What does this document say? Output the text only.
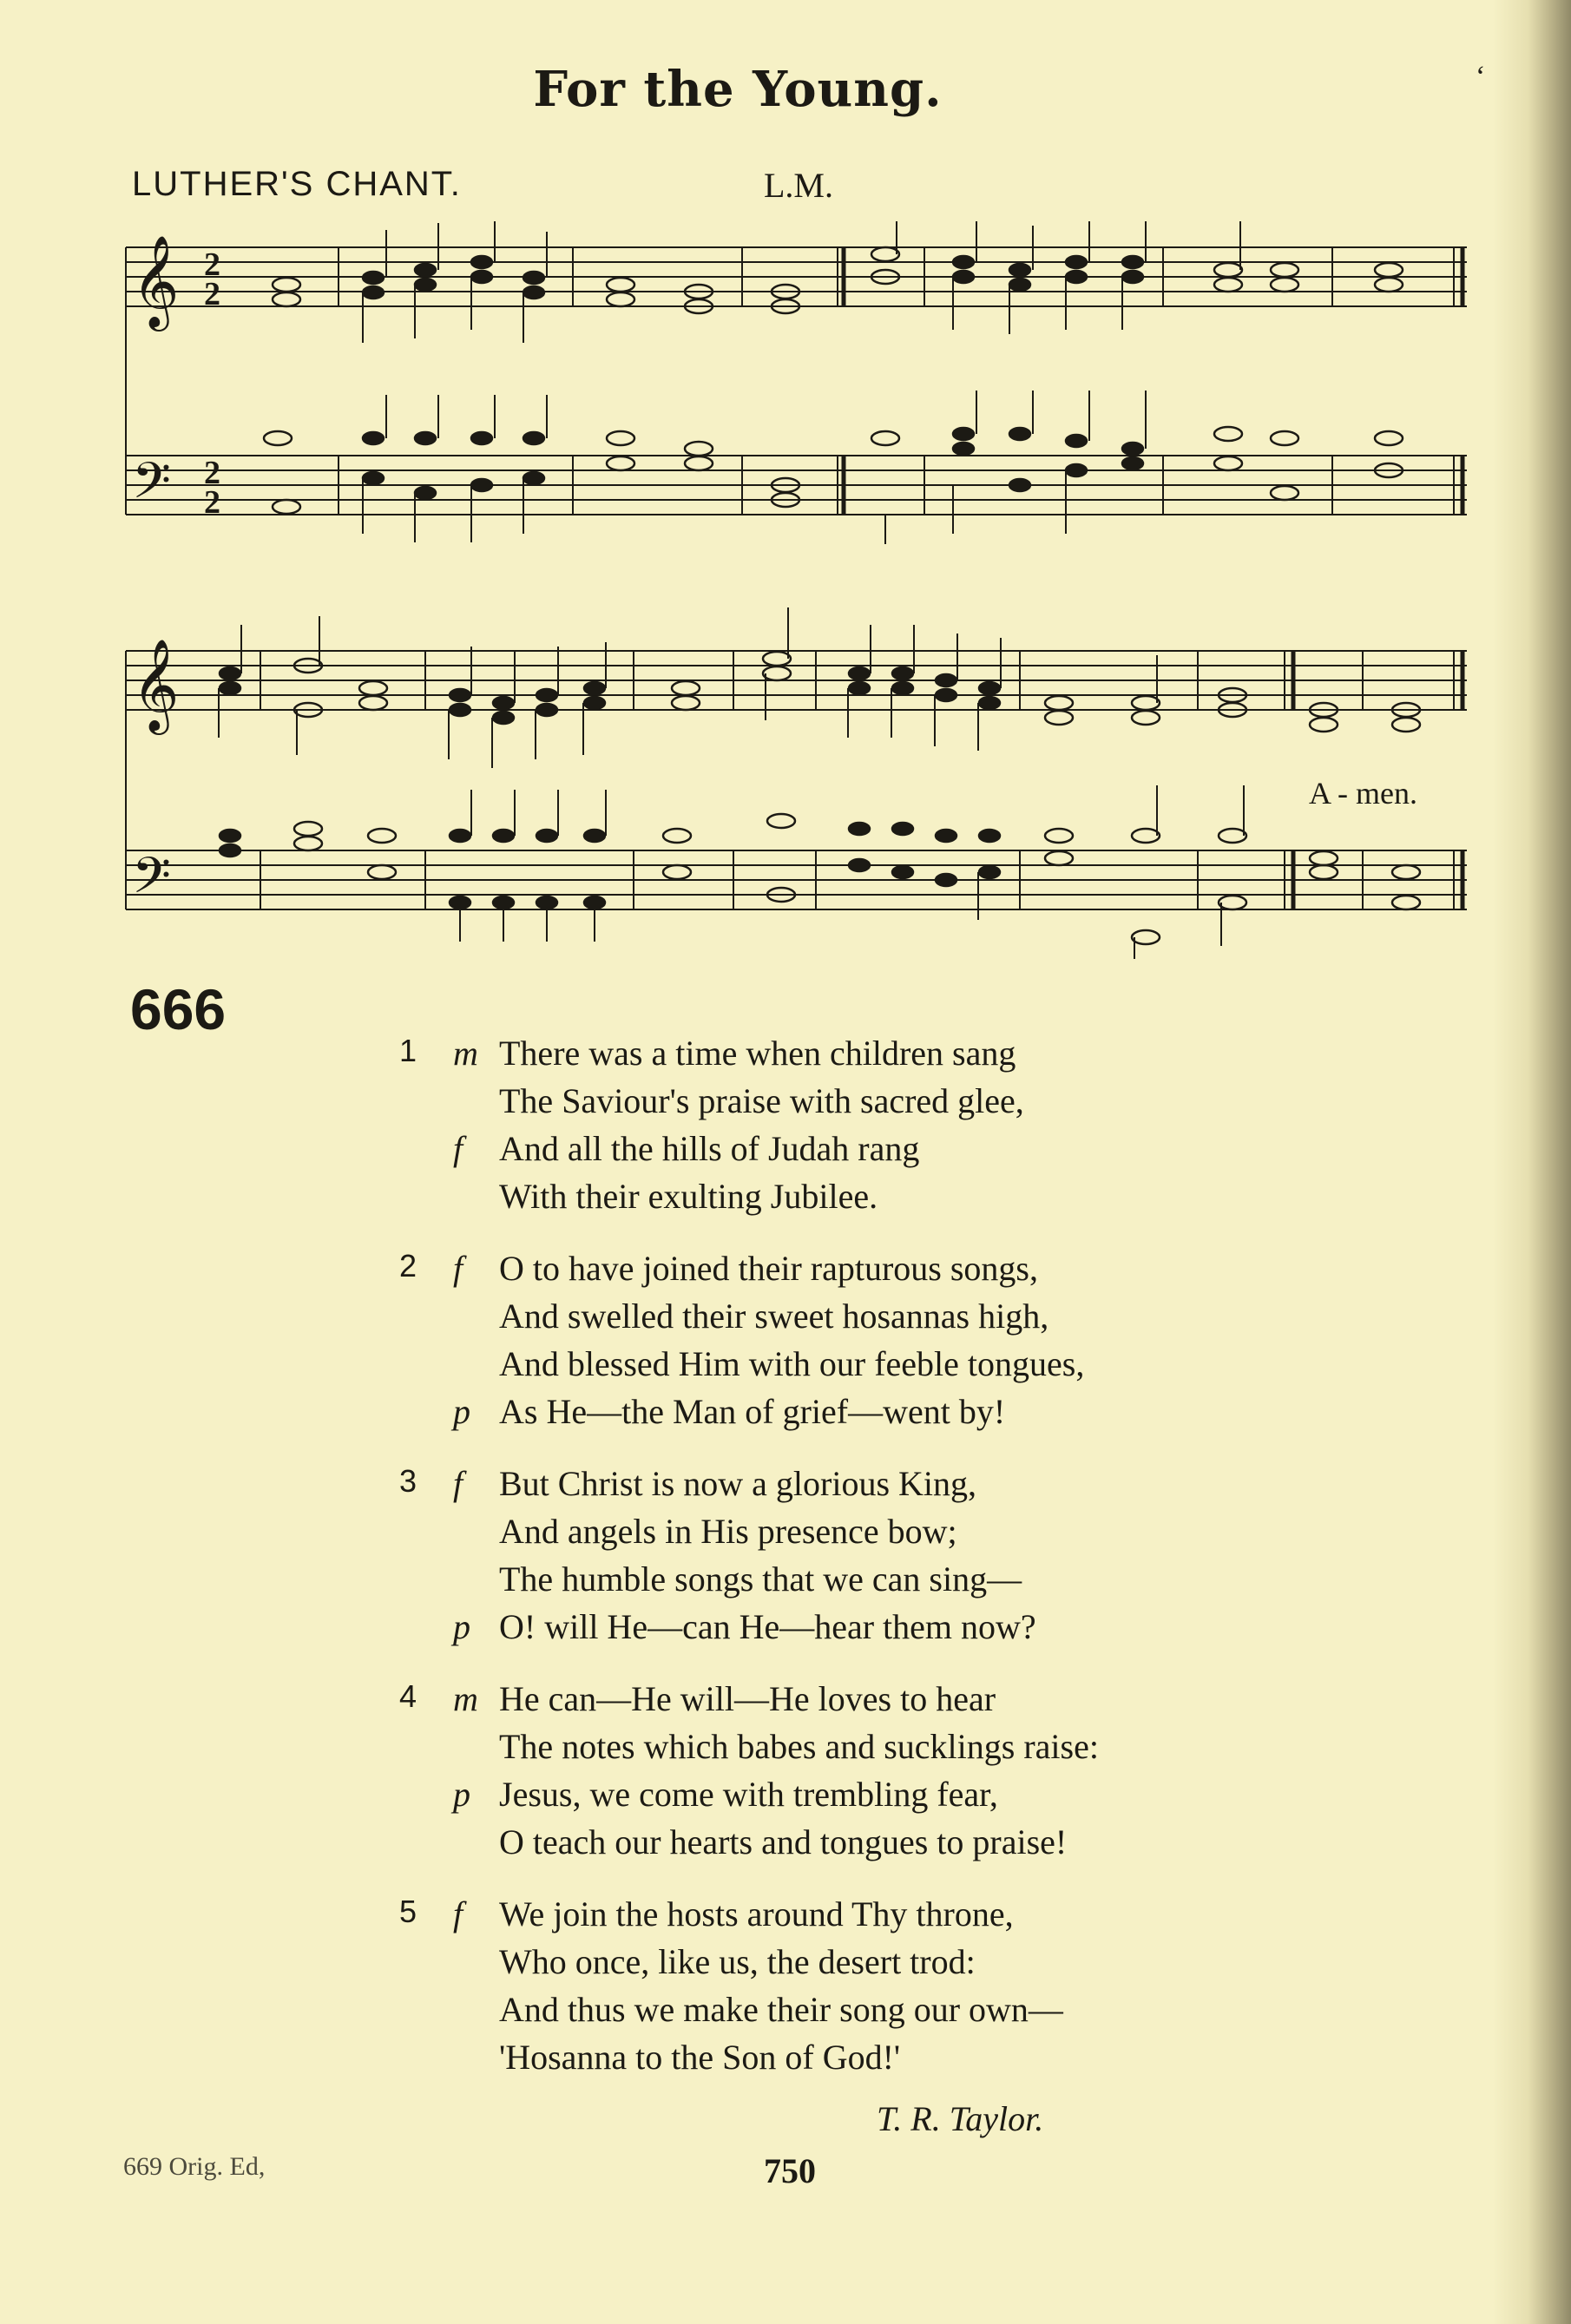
For the Young.	‘
LUTHER'S CHANT.	L.M.
𝄞
𝄢
2
2
2
2
𝄞
𝄢
A - men.
666
1 m There was a time when children sang
The Saviour's praise with sacred glee,
f And all the hills of Judah rang
With their exulting Jubilee.
2 f O to have joined their rapturous songs,
And swelled their sweet hosannas high,
And blessed Him with our feeble tongues,
p As He—the Man of grief—went by!
3 f But Christ is now a glorious King,
And angels in His presence bow;
The humble songs that we can sing—
p O! will He—can He—hear them now?
4 m He can—He will—He loves to hear
The notes which babes and sucklings raise:
p Jesus, we come with trembling fear,
O teach our hearts and tongues to praise!
5 f We join the hosts around Thy throne,
Who once, like us, the desert trod:
And thus we make their song our own—
'Hosanna to the Son of God!'
T. R. Taylor.
669 Orig. Ed,	750
